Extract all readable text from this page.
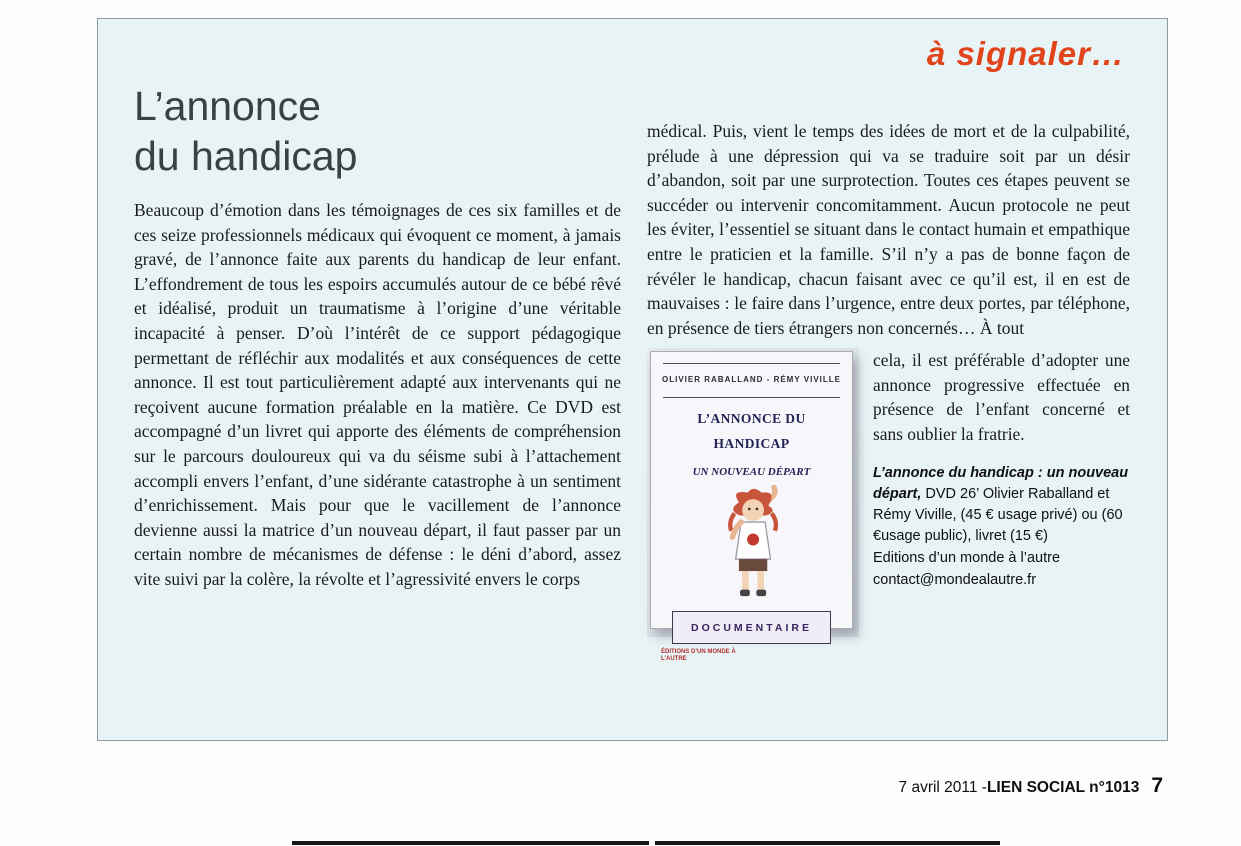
à signaler…
L’annonce
du handicap
Beaucoup d’émotion dans les témoignages de ces six familles et de ces seize professionnels médicaux qui évoquent ce moment, à jamais gravé, de l’annonce faite aux parents du handicap de leur enfant. L’effondrement de tous les espoirs accumulés autour de ce bébé rêvé et idéalisé, produit un traumatisme à l’origine d’une véritable incapacité à penser. D’où l’intérêt de ce support pédagogique permettant de réfléchir aux modalités et aux conséquences de cette annonce. Il est tout particulièrement adapté aux intervenants qui ne reçoivent aucune formation préalable en la matière. Ce DVD est accompagné d’un livret qui apporte des éléments de compréhension sur le parcours douloureux qui va du séisme subi à l’attachement accompli envers l’enfant, d’une sidérante catastrophe à un sentiment d’enrichissement. Mais pour que le vacillement de l’annonce devienne aussi la matrice d’un nouveau départ, il faut passer par un certain nombre de mécanismes de défense : le déni d’abord, assez vite suivi par la colère, la révolte et l’agressivité envers le corps
médical. Puis, vient le temps des idées de mort et de la culpabilité, prélude à une dépression qui va se traduire soit par un désir d’abandon, soit par une surprotection. Toutes ces étapes peuvent se succéder ou intervenir concomitamment. Aucun protocole ne peut les éviter, l’essentiel se situant dans le contact humain et empathique entre le praticien et la famille. S’il n’y a pas de bonne façon de révéler le handicap, chacun faisant avec ce qu’il est, il en est de mauvaises : le faire dans l’urgence, entre deux portes, par téléphone, en présence de tiers étrangers non concernés… À tout
OLIVIER RABALLAND - RÉMY VIVILLE
L’ANNONCE DU HANDICAP
UN NOUVEAU DÉPART
DOCUMENTAIRE
ÉDITIONS D’UN MONDE À L’AUTRE
cela, il est préférable d’adopter une annonce progressive effectuée en présence de l’enfant concerné et sans oublier la fratrie.

L’annonce du handicap : un nouveau départ, DVD 26’ Olivier Raballand et Rémy Viville, (45 € usage privé) ou (60 €usage public), livret (15 €)

Editions d’un monde à l’autre
contact@mondealautre.fr
7 avril 2011 - LIEN SOCIAL n°1013 7
